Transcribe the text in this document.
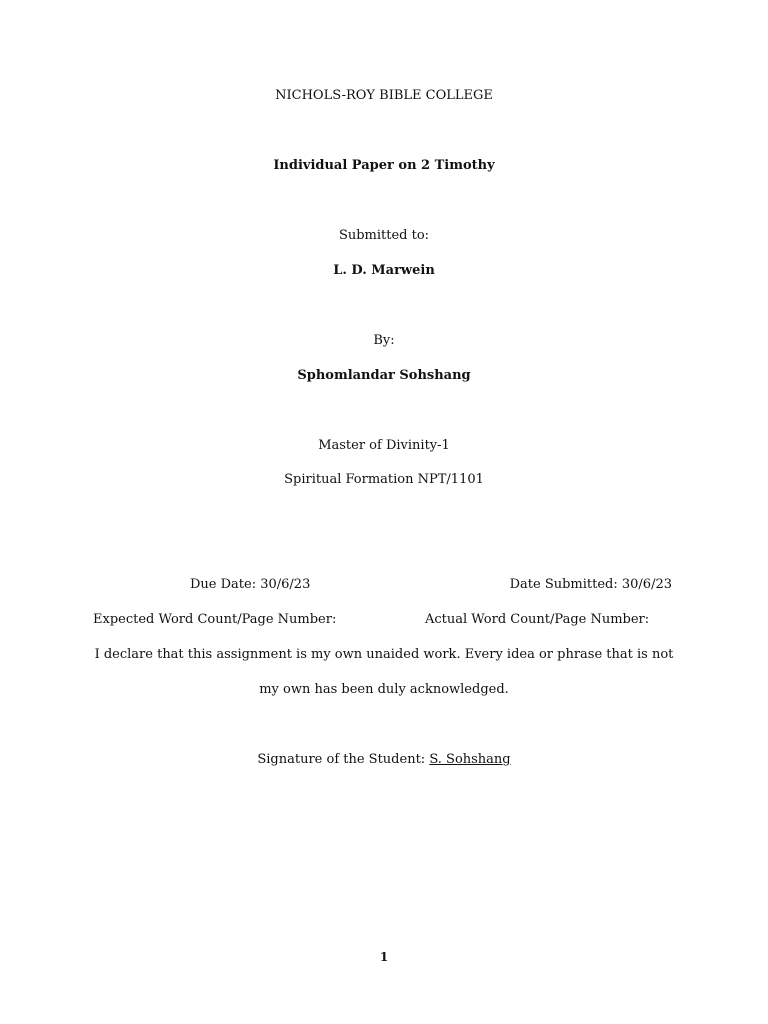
NICHOLS-ROY BIBLE COLLEGE
Individual Paper on 2 Timothy
Submitted to:
L. D. Marwein
By:
Sphomlandar Sohshang
Master of Divinity-1
Spiritual Formation NPT/1101
Due Date: 30/6/23	Date Submitted: 30/6/23
Expected Word Count/Page Number:	Actual Word Count/Page Number:
I declare that this assignment is my own unaided work. Every idea or phrase that is not
my own has been duly acknowledged.
Signature of the Student: S. Sohshang
1
